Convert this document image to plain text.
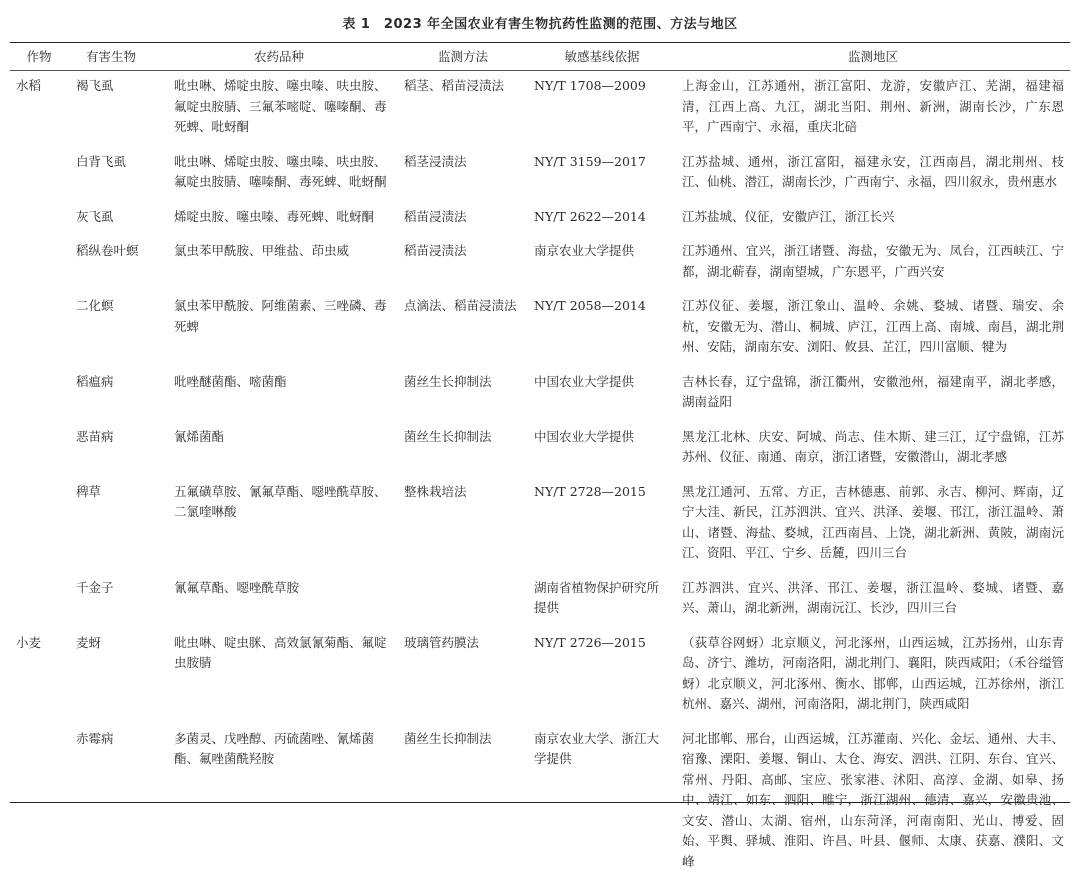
表 1　2023 年全国农业有害生物抗药性监测的范围、方法与地区
作物	有害生物	农药品种	监测方法	敏感基线依据	监测地区
水稻	褐飞虱	吡虫啉、烯啶虫胺、噻虫嗪、呋虫胺、氟啶虫胺腈、三氟苯嘧啶、噻嗪酮、毒死蜱、吡蚜酮	稻茎、稻苗浸渍法	NY/T 1708—2009	上海金山，江苏通州，浙江富阳、龙游，安徽庐江、芜湖，福建福清，江西上高、九江，湖北当阳、荆州、新洲，湖南长沙，广东恩平，广西南宁、永福，重庆北碚
	白背飞虱	吡虫啉、烯啶虫胺、噻虫嗪、呋虫胺、氟啶虫胺腈、噻嗪酮、毒死蜱、吡蚜酮	稻茎浸渍法	NY/T 3159—2017	江苏盐城、通州，浙江富阳，福建永安，江西南昌，湖北荆州、枝江、仙桃、潜江，湖南长沙，广西南宁、永福，四川叙永，贵州惠水
	灰飞虱	烯啶虫胺、噻虫嗪、毒死蜱、吡蚜酮	稻苗浸渍法	NY/T 2622—2014	江苏盐城、仪征，安徽庐江，浙江长兴
	稻纵卷叶螟	氯虫苯甲酰胺、甲维盐、茚虫威	稻苗浸渍法	南京农业大学提供	江苏通州、宜兴，浙江诸暨、海盐，安徽无为、凤台，江西峡江、宁都，湖北蕲春，湖南望城，广东恩平，广西兴安
	二化螟	氯虫苯甲酰胺、阿维菌素、三唑磷、毒死蜱	点滴法、稻苗浸渍法	NY/T 2058—2014	江苏仪征、姜堰，浙江象山、温岭、余姚、婺城、诸暨、瑞安、余杭，安徽无为、潜山、桐城、庐江，江西上高、南城、南昌，湖北荆州、安陆，湖南东安、浏阳、攸县、芷江，四川富顺、犍为
	稻瘟病	吡唑醚菌酯、嘧菌酯	菌丝生长抑制法	中国农业大学提供	吉林长春，辽宁盘锦，浙江衢州，安徽池州，福建南平，湖北孝感，湖南益阳
	恶苗病	氰烯菌酯	菌丝生长抑制法	中国农业大学提供	黑龙江北林、庆安、阿城、尚志、佳木斯、建三江，辽宁盘锦，江苏苏州、仪征、南通、南京，浙江诸暨，安徽潜山，湖北孝感
	稗草	五氟磺草胺、氰氟草酯、噁唑酰草胺、二氯喹啉酸	整株栽培法	NY/T 2728—2015	黑龙江通河、五常、方正，吉林德惠、前郭、永吉、柳河、辉南，辽宁大洼、新民，江苏泗洪、宜兴、洪泽、姜堰、邗江，浙江温岭、萧山、诸暨、海盐、婺城，江西南昌、上饶，湖北新洲、黄陂，湖南沅江、资阳、平江、宁乡、岳麓，四川三台
	千金子	氰氟草酯、噁唑酰草胺		湖南省植物保护研究所提供	江苏泗洪、宜兴、洪泽、邗江、姜堰，浙江温岭、婺城、诸暨、嘉兴、萧山，湖北新洲，湖南沅江、长沙，四川三台
小麦	麦蚜	吡虫啉、啶虫脒、高效氯氰菊酯、氟啶虫胺腈	玻璃管药膜法	NY/T 2726—2015	（荻草谷网蚜）北京顺义，河北涿州，山西运城，江苏扬州，山东青岛、济宁、潍坊，河南洛阳，湖北荆门、襄阳，陕西咸阳；（禾谷缢管蚜）北京顺义，河北涿州、衡水、邯郸，山西运城，江苏徐州，浙江杭州、嘉兴、湖州，河南洛阳，湖北荆门，陕西咸阳
	赤霉病	多菌灵、戊唑醇、丙硫菌唑、氰烯菌酯、氟唑菌酰羟胺	菌丝生长抑制法	南京农业大学、浙江大学提供	河北邯郸、邢台，山西运城，江苏灌南、兴化、金坛、通州、大丰、宿豫、溧阳、姜堰、铜山、太仓、海安、泗洪、江阴、东台、宜兴、常州、丹阳、高邮、宝应、张家港、沭阳、高淳、金湖、如皋、扬中、靖江、如东、泗阳、睢宁，浙江湖州、德清、嘉兴，安徽贵池、文安、潜山、太湖、宿州，山东菏泽，河南南阳、光山、博爱、固始、平舆、驿城、淮阳、许昌、叶县、偃师、太康、获嘉、濮阳、文峰
